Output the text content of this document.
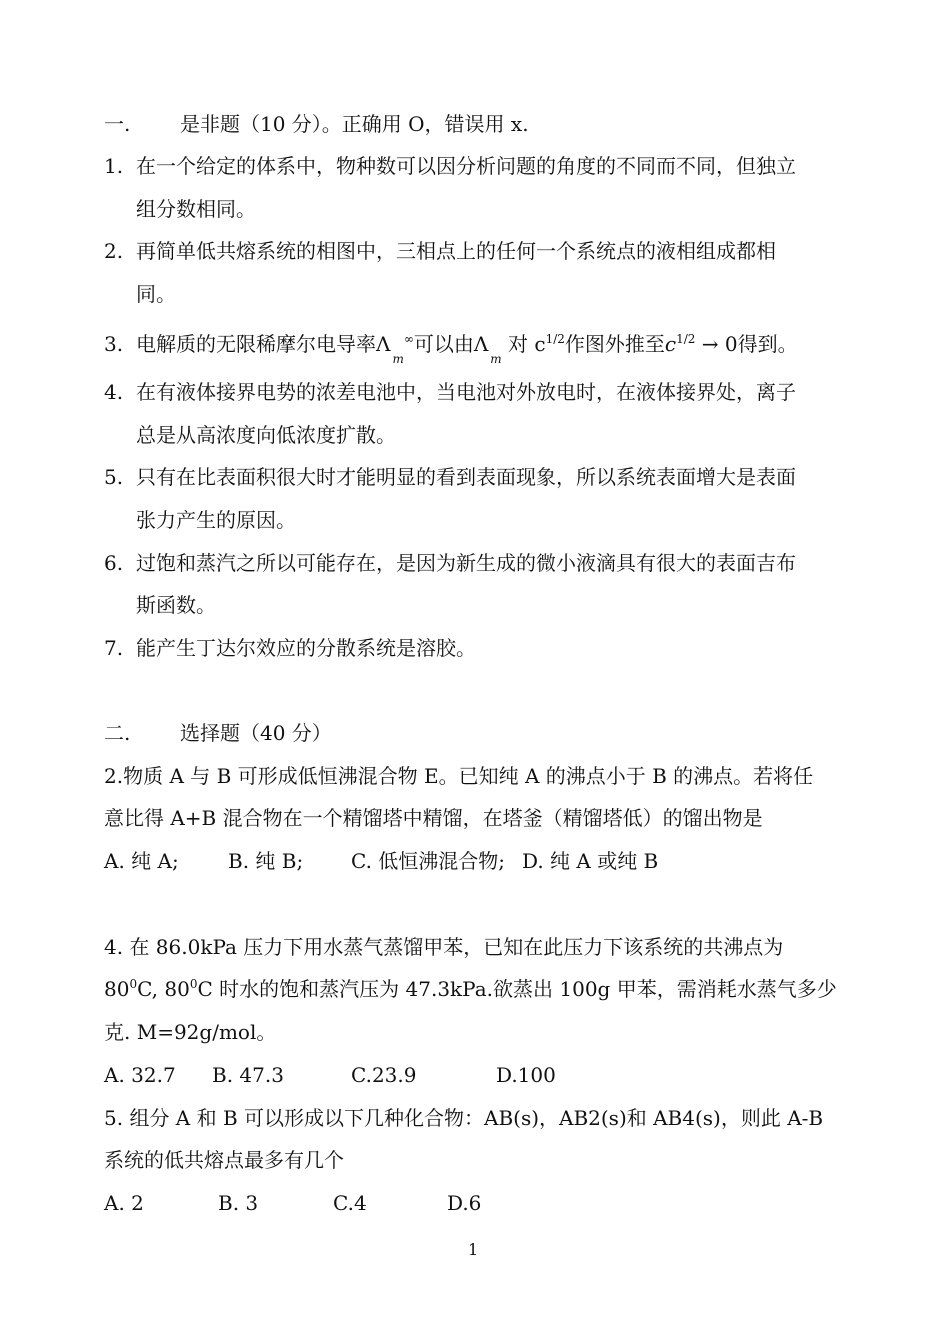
一. 是非题（10 分）。正确用 O，错误用 x.
1. 在一个给定的体系中，物种数可以因分析问题的角度的不同而不同，但独立
组分数相同。
2. 再简单低共熔系统的相图中，三相点上的任何一个系统点的液相组成都相
同。
3. 电解质的无限稀摩尔电导率$\Lambda_m^\infty$可以由$\Lambda_m$ 对 $c^{1/2}$作图外推至$c^{1/2} \to 0$得到。
4. 在有液体接界电势的浓差电池中，当电池对外放电时，在液体接界处，离子
总是从高浓度向低浓度扩散。
5. 只有在比表面积很大时才能明显的看到表面现象，所以系统表面增大是表面
张力产生的原因。
6. 过饱和蒸汽之所以可能存在，是因为新生成的微小液滴具有很大的表面吉布
斯函数。
7. 能产生丁达尔效应的分散系统是溶胶。
二. 选择题（40 分）
2.物质 A 与 B 可形成低恒沸混合物 E。已知纯 A 的沸点小于 B 的沸点。若将任
意比得 A+B 混合物在一个精馏塔中精馏，在塔釜（精馏塔低）的馏出物是
A. 纯 A; B. 纯 B; C. 低恒沸混合物; D. 纯 A 或纯 B
4. 在 86.0kPa 压力下用水蒸气蒸馏甲苯，已知在此压力下该系统的共沸点为
$80^0C$, $80^0C$ 时水的饱和蒸汽压为 47.3kPa.欲蒸出 100g 甲苯，需消耗水蒸气多少
克. M=92g/mol。
A. 32.7 B. 47.3	C.23.9	D.100
5. 组分 A 和 B 可以形成以下几种化合物：AB(s)，AB2(s)和 AB4(s)，则此 A-B
系统的低共熔点最多有几个
A. 2	B. 3	C.4	D.6
1
